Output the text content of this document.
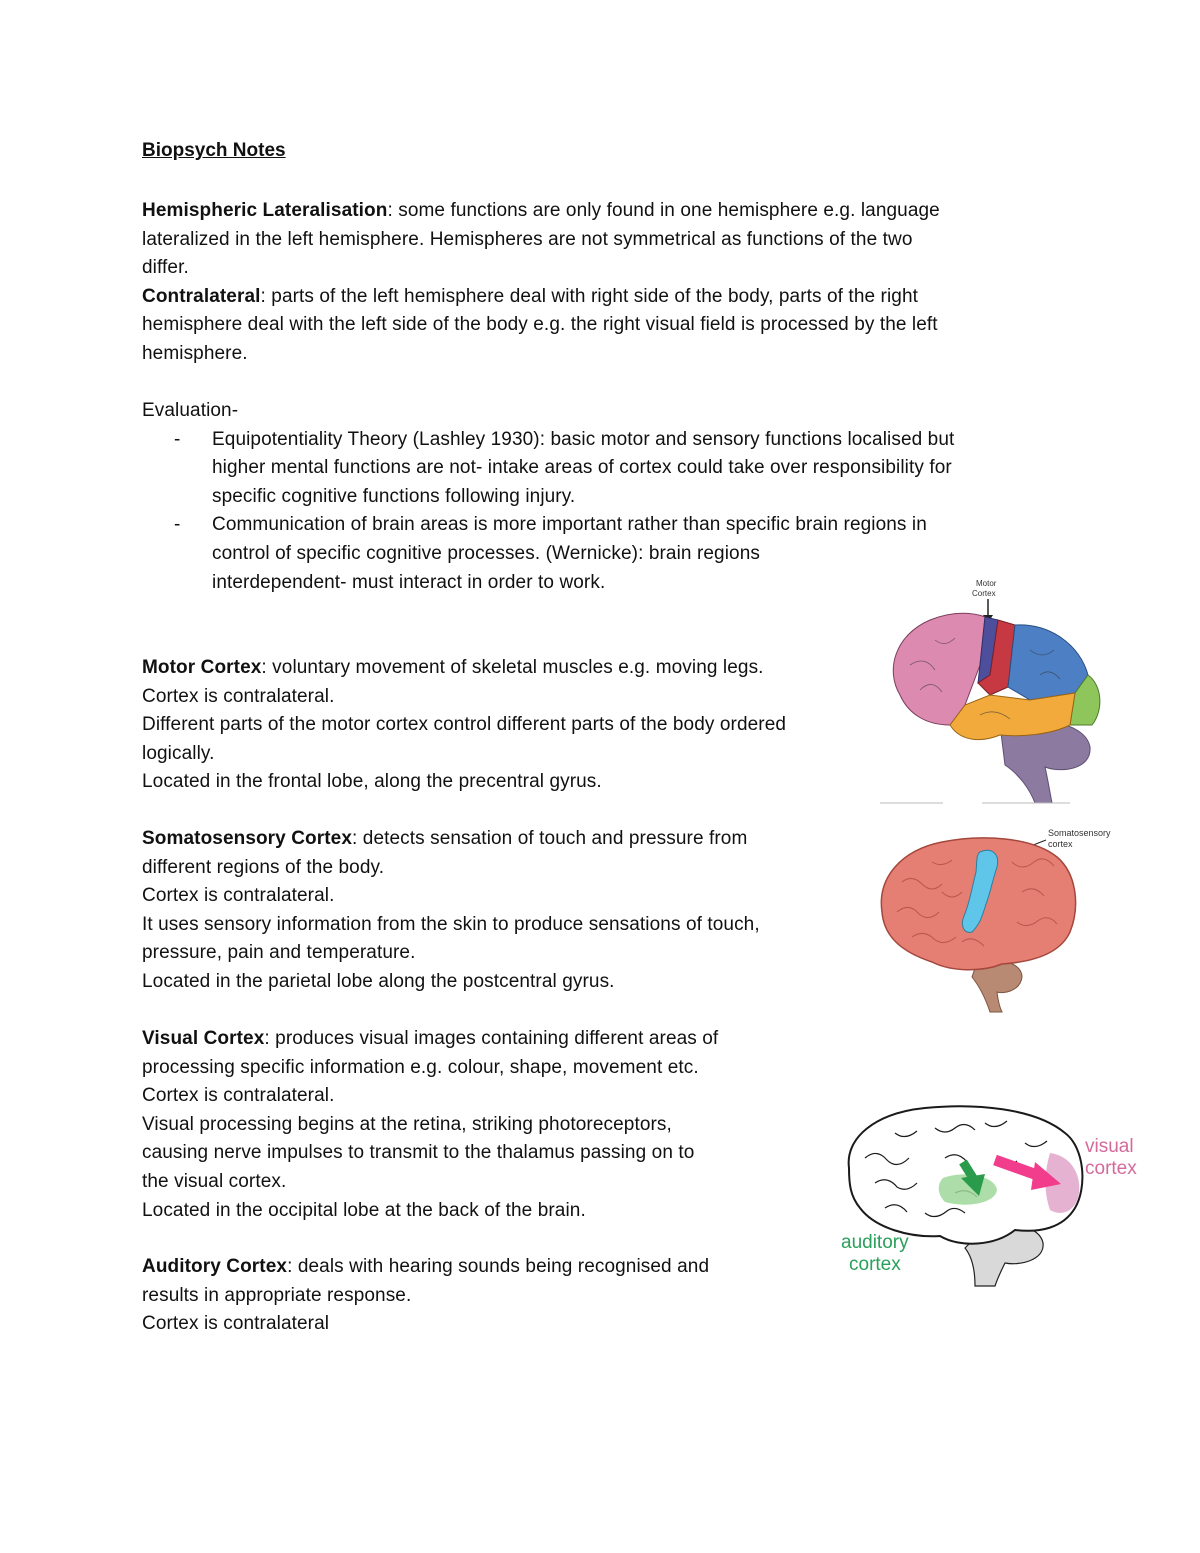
Biopsych Notes

Hemispheric Lateralisation: some functions are only found in one hemisphere e.g. language

lateralized in the left hemisphere. Hemispheres are not symmetrical as functions of the two

differ.

Contralateral: parts of the left hemisphere deal with right side of the body, parts of the right

hemisphere deal with the left side of the body e.g. the right visual field is processed by the left

hemisphere.

Evaluation-

- Equipotentiality Theory (Lashley 1930): basic motor and sensory functions localised but

higher mental functions are not- intake areas of cortex could take over responsibility for

specific cognitive functions following injury.

- Communication of brain areas is more important rather than specific brain regions in

control of specific cognitive processes. (Wernicke): brain regions

interdependent- must interact in order to work.

Motor Cortex: voluntary movement of skeletal muscles e.g. moving legs.

Cortex is contralateral.

Different parts of the motor cortex control different parts of the body ordered

logically.

Located in the frontal lobe, along the precentral gyrus.

Somatosensory Cortex: detects sensation of touch and pressure from

different regions of the body.

Cortex is contralateral.

It uses sensory information from the skin to produce sensations of touch,

pressure, pain and temperature.

Located in the parietal lobe along the postcentral gyrus.

Visual Cortex: produces visual images containing different areas of

processing specific information e.g. colour, shape, movement etc.

Cortex is contralateral.

Visual processing begins at the retina, striking photoreceptors,

causing nerve impulses to transmit to the thalamus passing on to

the visual cortex.

Located in the occipital lobe at the back of the brain.

Auditory Cortex: deals with hearing sounds being recognised and

results in appropriate response.

Cortex is contralateral

Motor
Cortex
Somatosensory
cortex
visual
cortex
auditory
cortex
